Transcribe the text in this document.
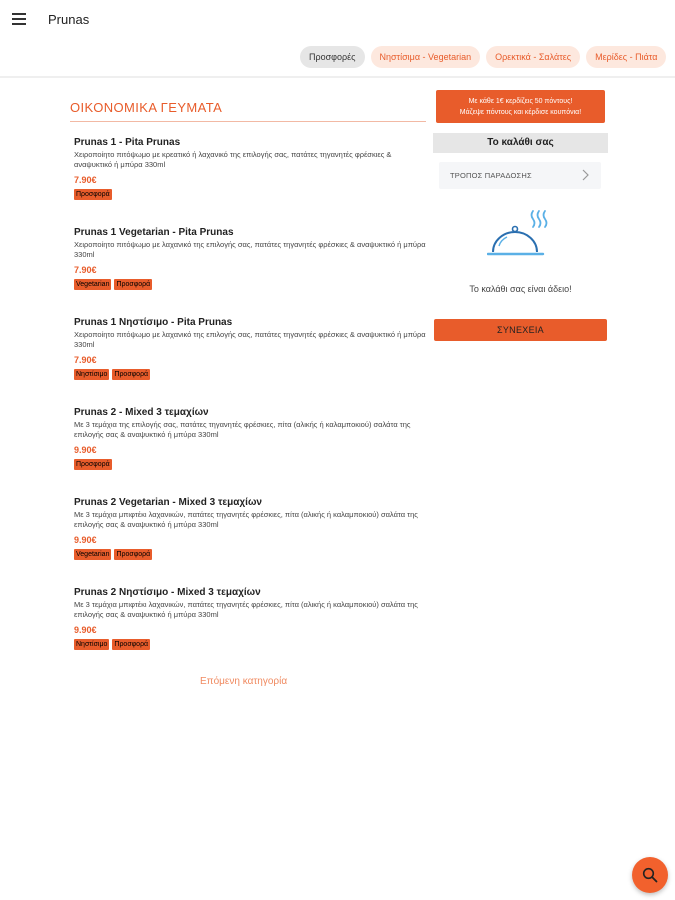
Prunas
Προσφορές	Νηστίσιμα - Vegetarian	Ορεκτικά - Σαλάτες	Μερίδες - Πιάτα
ΟΙΚΟΝΟΜΙΚΑ ΓΕΥΜΑΤΑ
Prunas 1 - Pita Prunas
Χειροποίητο πιτόψωμο με κρεατικό ή λαχανικό της επιλογής σας, πατάτες τηγανητές φρέσκιες & αναψυκτικό ή μπύρα 330ml
7.90€
Προσφορά
Prunas 1 Vegetarian - Pita Prunas
Χειροποίητο πιτόψωμο με λαχανικό της επιλογής σας, πατάτες τηγανητές φρέσκιες & αναψυκτικό ή μπύρα 330ml
7.90€
Vegetarian Προσφορά
Prunas 1 Νηστίσιμο - Pita Prunas
Χειροποίητο πιτόψωμο με λαχανικό της επιλογής σας, πατάτες τηγανητές φρέσκιες & αναψυκτικό ή μπύρα 330ml
7.90€
Νηστίσιμο Προσφορά
Prunas 2 - Mixed 3 τεμαχίων
Με 3 τεμάχια της επιλογής σας, πατάτες τηγανητές φρέσκιες, πίτα (αλικής ή καλαμποκιού) σαλάτα της επιλογής σας & αναψυκτικό ή μπύρα 330ml
9.90€
Προσφορά
Prunas 2 Vegetarian - Mixed 3 τεμαχίων
Με 3 τεμάχια μπιφτέκι λαχανικών, πατάτες τηγανητές φρέσκιες, πίτα (αλικής ή καλαμποκιού) σαλάτα της επιλογής σας & αναψυκτικό ή μπύρα 330ml
9.90€
Vegetarian Προσφορά
Prunas 2 Νηστίσιμο - Mixed 3 τεμαχίων
Με 3 τεμάχια μπιφτέκι λαχανικών, πατάτες τηγανητές φρέσκιες, πίτα (αλικής ή καλαμποκιού) σαλάτα της επιλογής σας & αναψυκτικό ή μπύρα 330ml
9.90€
Νηστίσιμο Προσφορά
Επόμενη κατηγορία
Με κάθε 1€ κερδίζεις 50 πόντους!
Μάζεψε πόντους και κέρδισε κουπόνια!
Το καλάθι σας
ΤΡΟΠΟΣ ΠΑΡΑΔΟΣΗΣ
Το καλάθι σας είναι άδειο!
ΣΥΝΕΧΕΙΑ
